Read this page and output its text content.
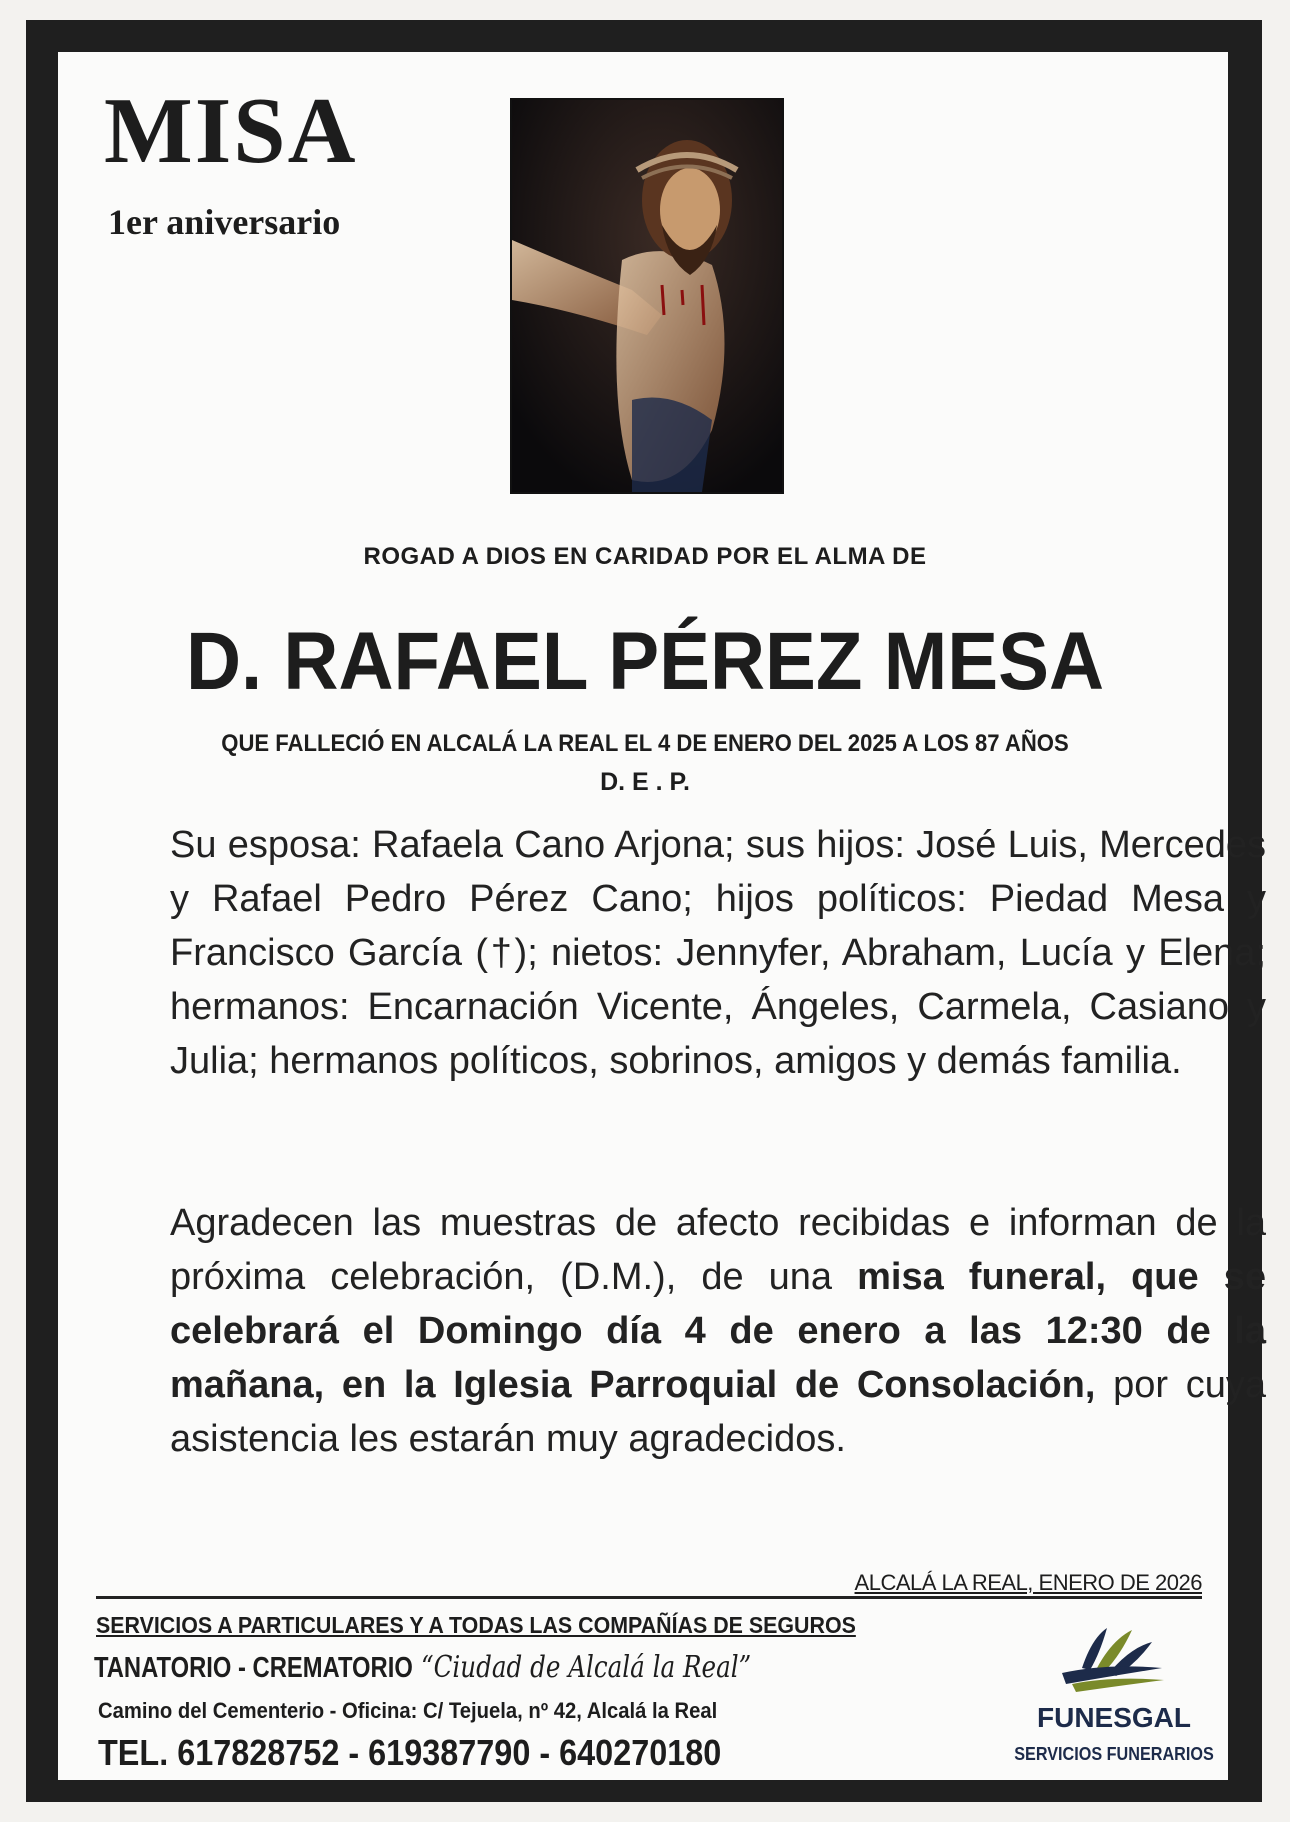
MISA
1er aniversario
ROGAD A DIOS EN CARIDAD POR EL ALMA DE
D. RAFAEL PÉREZ MESA
QUE FALLECIÓ EN ALCALÁ LA REAL EL 4 DE ENERO DEL 2025 A LOS 87 AÑOS
D. E . P.
Su esposa: Rafaela Cano Arjona; sus hijos: José Luis, Mercedes y Rafael Pedro Pérez Cano; hijos políticos: Piedad Mesa y Francisco García (†); nietos: Jennyfer, Abraham, Lucía y Elena; hermanos: Encarnación Vicente, Ángeles, Carmela, Casiano y Julia; hermanos políticos, sobrinos, amigos y demás familia.
Agradecen las muestras de afecto recibidas e informan de la próxima celebración, (D.M.), de una misa funeral, que se celebrará el Domingo día 4 de enero a las 12:30 de la mañana, en la Iglesia Parroquial de Consolación, por cuya asistencia les estarán muy agradecidos.
ALCALÁ LA REAL, ENERO DE 2026
SERVICIOS A PARTICULARES Y A TODAS LAS COMPAÑÍAS DE SEGUROS
TANATORIO - CREMATORIO “Ciudad de Alcalá la Real”
Camino del Cementerio - Oficina: C/ Tejuela, nº 42, Alcalá la Real
TEL. 617828752 - 619387790 - 640270180
FUNESGAL
SERVICIOS FUNERARIOS
